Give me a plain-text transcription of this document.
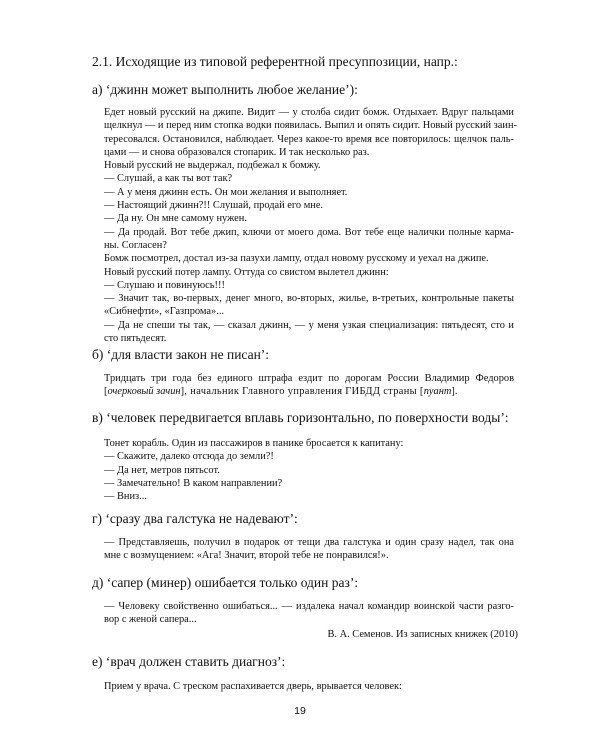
2.1. Исходящие из типовой референтной пресуппозиции, напр.:
а) ‘джинн может выполнить любое желание’):
Едет новый русский на джипе. Видит — у столба сидит бомж. Отдыхает. Вдруг пальцами
щелкнул — и перед ним стопка водки появилась. Выпил и опять сидит. Новый русский заин-
тересовался. Остановился, наблюдает. Через какое-то время все повторилось: щелчок паль-
цами — и снова образовался стопарик. И так несколько раз.
Новый русский не выдержал, подбежал к бомжу.
— Слушай, а как ты вот так?
— А у меня джинн есть. Он мои желания и выполняет.
— Настоящий джинн?!! Слушай, продай его мне.
— Да ну. Он мне самому нужен.
— Да продай. Вот тебе джип, ключи от моего дома. Вот тебе еще налички полные карма-
ны. Согласен?
Бомж посмотрел, достал из-за пазухи лампу, отдал новому русскому и уехал на джипе.
Новый русский потер лампу. Оттуда со свистом вылетел джинн:
— Слушаю и повинуюсь!!!
— Значит так, во-первых, денег много, во-вторых, жилье, в-третьих, контрольные пакеты
«Сибнефти», «Газпрома»...
— Да не спеши ты так, — сказал джинн, — у меня узкая специализация: пятьдесят, сто и
сто пятьдесят.
б) ‘для власти закон не писан’:
Тридцать три года без единого штрафа ездит по дорогам России Владимир Федоров
[очерковый зачин], начальник Главного управления ГИБДД страны [пуант].
в) ‘человек передвигается вплавь горизонтально, по поверхности воды’:
Тонет корабль. Один из пассажиров в панике бросается к капитану:
— Скажите, далеко отсюда до земли?!
— Да нет, метров пятьсот.
— Замечательно! В каком направлении?
— Вниз...
г) ‘сразу два галстука не надевают’:
— Представляешь, получил в подарок от тещи два галстука и один сразу надел, так она
мне с возмущением: «Ага! Значит, второй тебе не понравился!».
д) ‘сапер (минер) ошибается только один раз’:
— Человеку свойственно ошибаться... — издалека начал командир воинской части разго-
вор с женой сапера...
В. А. Семенов. Из записных книжек (2010)
е) ‘врач должен ставить диагноз’:
Прием у врача. С треском распахивается дверь, врывается человек:
19
